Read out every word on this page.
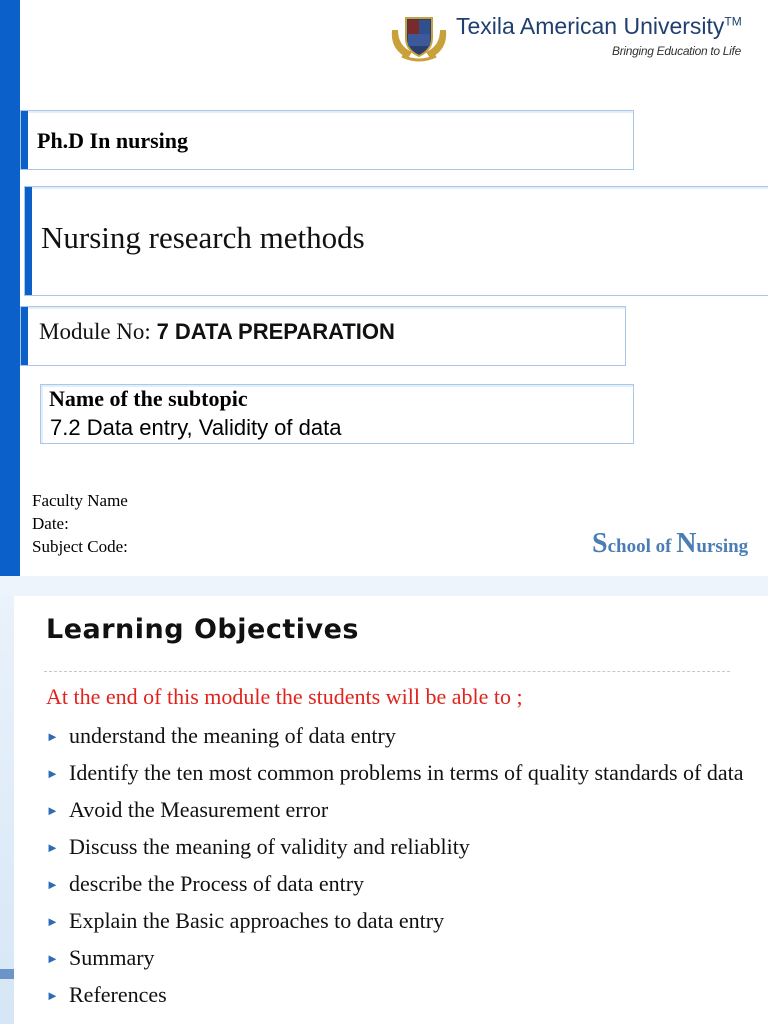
Texila American University™
Bringing Education to Life
Ph.D In nursing
Nursing research methods
Module No: 7 DATA PREPARATION
Name of the subtopic
7.2 Data entry, Validity of data
Faculty Name
Date:
Subject Code:	School of Nursing
Learning Objectives
At the end of this module the students will be able to ;
► understand the meaning of data entry
► Identify the ten most common problems in terms of quality standards of data
► Avoid the Measurement error
► Discuss the meaning of validity and reliablity
► describe the Process of data entry
► Explain the Basic approaches to data entry
► Summary
► References
